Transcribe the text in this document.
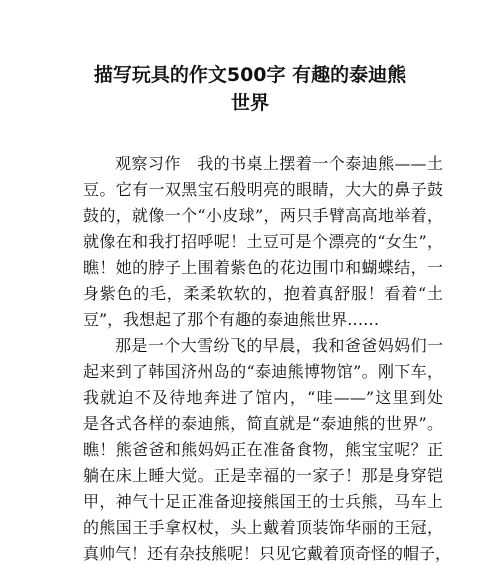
描写玩具的作文500字 有趣的泰迪熊
世界
观察习作　我的书桌上摆着一个泰迪熊——土
豆。它有一双黑宝石般明亮的眼睛，大大的鼻子鼓
鼓的，就像一个“小皮球”，两只手臂高高地举着，
就像在和我打招呼呢！土豆可是个漂亮的“女生”，
瞧！她的脖子上围着紫色的花边围巾和蝴蝶结，一
身紫色的毛，柔柔软软的，抱着真舒服！看着“土
豆”，我想起了那个有趣的泰迪熊世界……
那是一个大雪纷飞的早晨，我和爸爸妈妈们一
起来到了韩国济州岛的“泰迪熊博物馆”。刚下车，
我就迫不及待地奔进了馆内，“哇——”这里到处
是各式各样的泰迪熊，简直就是“泰迪熊的世界”。
瞧！熊爸爸和熊妈妈正在准备食物，熊宝宝呢？正
躺在床上睡大觉。正是幸福的一家子！那是身穿铠
甲，神气十足正准备迎接熊国王的士兵熊，马车上
的熊国王手拿权杖，头上戴着顶装饰华丽的王冠，
真帅气！还有杂技熊呢！只见它戴着顶奇怪的帽子，
